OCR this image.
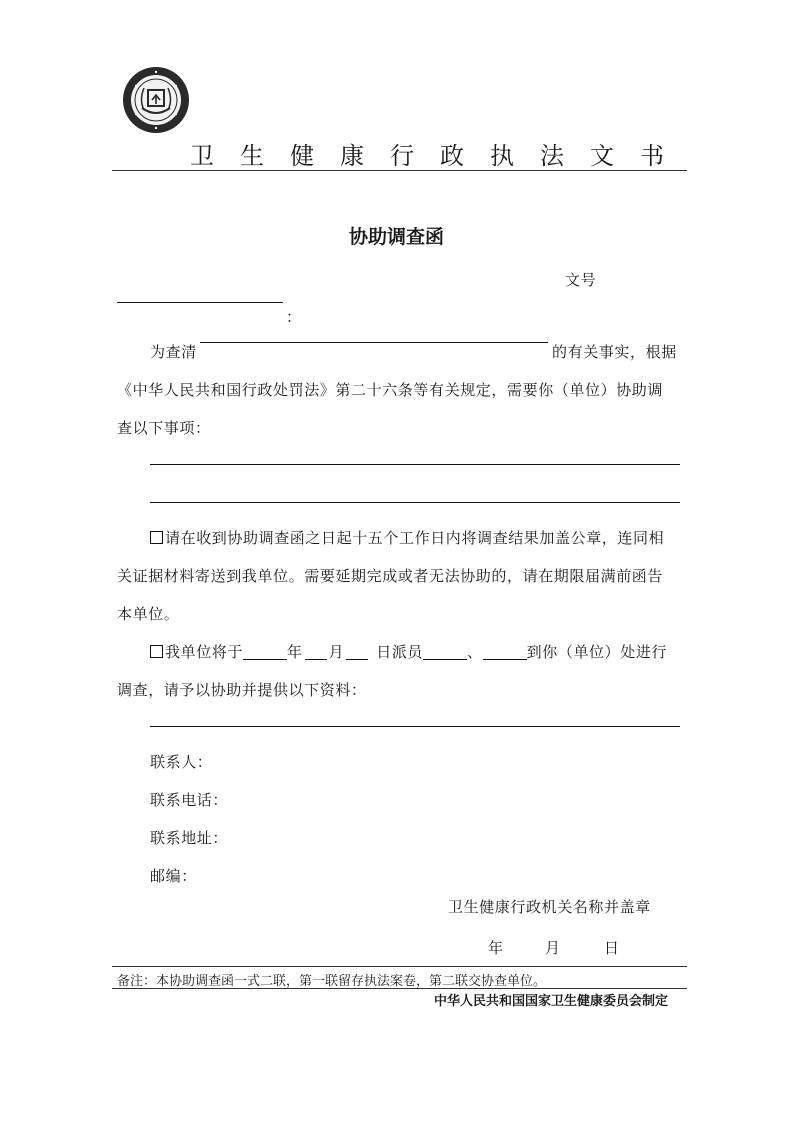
卫生健康行政执法文书
协助调查函
文号
：
为查清	的有关事实，根据
《中华人民共和国行政处罚法》第二十六条等有关规定，需要你（单位）协助调
查以下事项：
请在收到协助调查函之日起十五个工作日内将调查结果加盖公章，连同相
关证据材料寄送到我单位。需要延期完成或者无法协助的，请在期限届满前函告
本单位。
我单位将于	年 月 日派员	、	到你（单位）处进行
调查，请予以协助并提供以下资料：
联系人：
联系电话：
联系地址：
邮编：
卫生健康行政机关名称并盖章
年	月	日
备注：本协助调查函一式二联，第一联留存执法案卷，第二联交协查单位。
中华人民共和国国家卫生健康委员会制定
